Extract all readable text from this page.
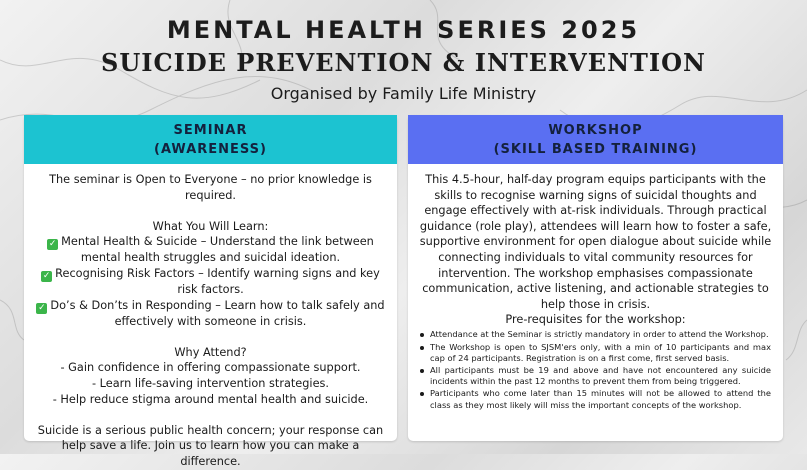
MENTAL HEALTH SERIES 2025
SUICIDE PREVENTION & INTERVENTION
Organised by Family Life Ministry
SEMINAR
(AWARENESS)

The seminar is Open to Everyone – no prior knowledge is required.

What You Will Learn:

✓ Mental Health & Suicide – Understand the link between mental health struggles and suicidal ideation.

✓ Recognising Risk Factors – Identify warning signs and key risk factors.

✓ Do’s & Don’ts in Responding – Learn how to talk safely and effectively with someone in crisis.

Why Attend?

- Gain confidence in offering compassionate support.

- Learn life-saving intervention strategies.

- Help reduce stigma around mental health and suicide.

Suicide is a serious public health concern; your response can help save a life. Join us to learn how you can make a difference.

WORKSHOP
(SKILL BASED TRAINING)

This 4.5-hour, half-day program equips participants with the skills to recognise warning signs of suicidal thoughts and engage effectively with at-risk individuals. Through practical guidance (role play), attendees will learn how to foster a safe, supportive environment for open dialogue about suicide while connecting individuals to vital community resources for intervention. The workshop emphasises compassionate communication, active listening, and actionable strategies to help those in crisis.

Pre-requisites for the workshop:

Attendance at the Seminar is strictly mandatory in order to attend the Workshop.
The Workshop is open to SJSM'ers only, with a min of 10 participants and max cap of 24 participants. Registration is on a first come, first served basis.
All participants must be 19 and above and have not encountered any suicide incidents within the past 12 months to prevent them from being triggered.
Participants who come later than 15 minutes will not be allowed to attend the class as they most likely will miss the important concepts of the workshop.
